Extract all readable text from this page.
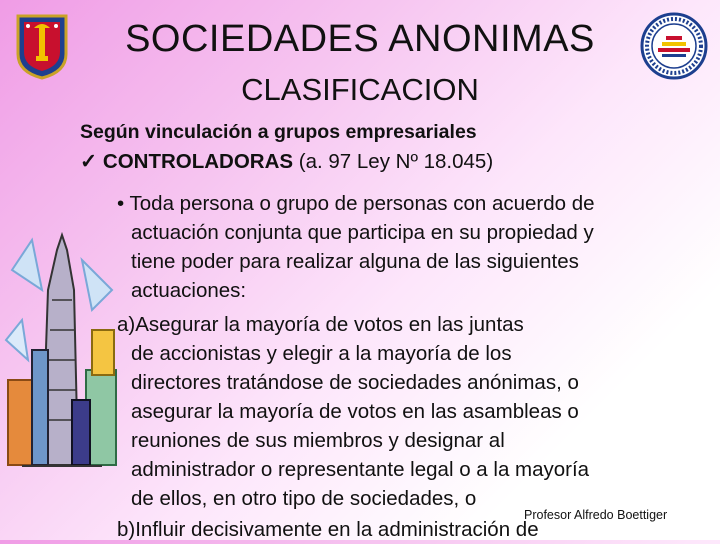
SOCIEDADES ANONIMAS
CLASIFICACION
Según vinculación a grupos empresariales
✓ CONTROLADORAS (a. 97 Ley Nº 18.045)
• Toda persona o grupo de personas con acuerdo de
actuación conjunta que participa en su propiedad y
tiene poder para realizar alguna de las siguientes
actuaciones:
a)Asegurar la mayoría de votos en las juntas
de accionistas y elegir a la mayoría de los
directores tratándose de sociedades anónimas, o
asegurar la mayoría de votos en las asambleas o
reuniones de sus miembros y designar al
administrador o representante legal o a la mayoría
de ellos, en otro tipo de sociedades, o
b)Influir decisivamente en la administración de
Profesor Alfredo Boettiger
